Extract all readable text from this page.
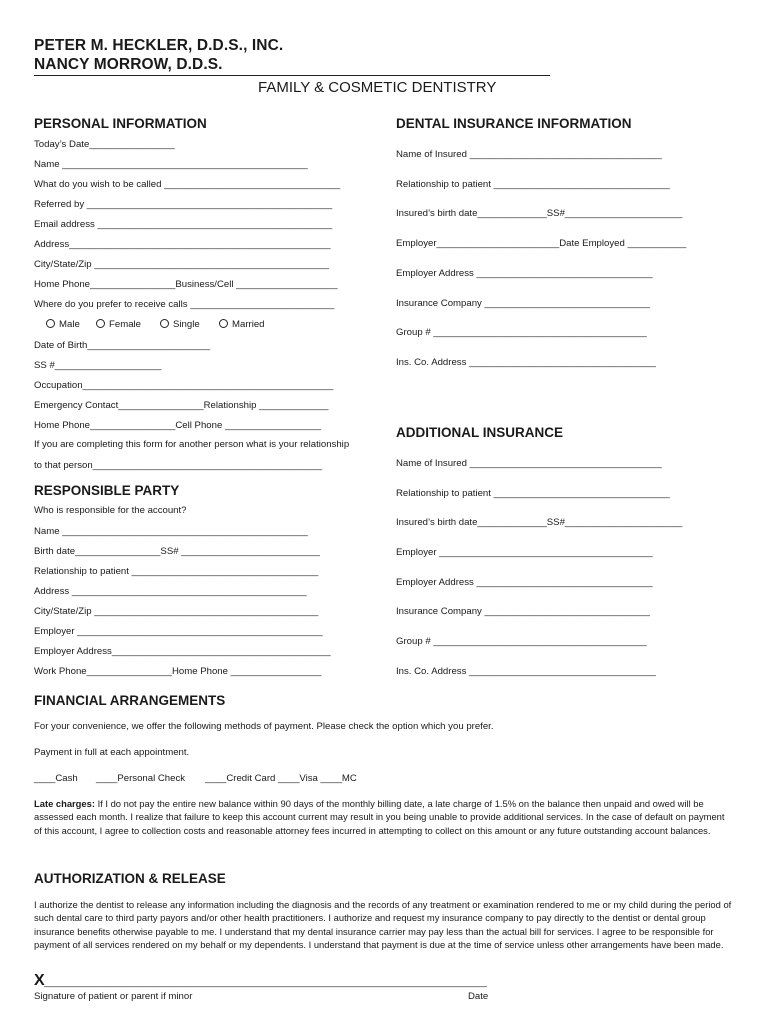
PETER M. HECKLER, D.D.S., INC.
NANCY MORROW, D.D.S.
FAMILY & COSMETIC DENTISTRY
PERSONAL INFORMATION
Today’s Date________________
Name ______________________________________________
What do you wish to be called _________________________________
Referred by ______________________________________________
Email address ____________________________________________
Address_________________________________________________
City/State/Zip ____________________________________________
Home Phone________________Business/Cell ___________________
Where do you prefer to receive calls ___________________________
Male	Female	Single	Married
Date of Birth_______________________
SS #____________________
Occupation_______________________________________________
Emergency Contact________________Relationship _____________
Home Phone________________Cell Phone __________________
If you are completing this form for another person what is your relationship
to that person___________________________________________
RESPONSIBLE PARTY
Who is responsible for the account?
Name ______________________________________________
Birth date________________SS# __________________________
Relationship to patient ___________________________________
Address ____________________________________________
City/State/Zip __________________________________________
Employer ______________________________________________
Employer Address_________________________________________
Work Phone________________Home Phone _________________
DENTAL INSURANCE INFORMATION
Name of Insured ____________________________________
Relationship to patient _________________________________
Insured’s birth date_____________SS#______________________
Employer_______________________Date Employed ___________
Employer Address _________________________________
Insurance Company _______________________________
Group # ________________________________________
Ins. Co. Address ___________________________________
ADDITIONAL INSURANCE
Name of Insured ____________________________________
Relationship to patient _________________________________
Insured’s birth date_____________SS#______________________
Employer ________________________________________
Employer Address _________________________________
Insurance Company _______________________________
Group # ________________________________________
Ins. Co. Address ___________________________________
FINANCIAL ARRANGEMENTS
For your convenience, we offer the following methods of payment. Please check the option which you prefer.
Payment in full at each appointment.
____Cash ____Personal Check ____Credit Card ____Visa ____MC
Late charges: If I do not pay the entire new balance within 90 days of the monthly billing date, a late charge of 1.5% on the balance then unpaid and owed will be assessed each month. I realize that failure to keep this account current may result in you being unable to provide additional services. In the case of default on payment of this account, I agree to collection costs and reasonable attorney fees incurred in attempting to collect on this amount or any future outstanding account balances.
AUTHORIZATION & RELEASE
I authorize the dentist to release any information including the diagnosis and the records of any treatment or examination rendered to me or my child during the period of such dental care to third party payors and/or other health practitioners. I authorize and request my insurance company to pay directly to the dentist or dental group insurance benefits otherwise payable to me. I understand that my dental insurance carrier may pay less than the actual bill for services. I agree to be responsible for payment of all services rendered on my behalf or my dependents. I understand that payment is due at the time of service unless other arrangements have been made.
X ___________________________________________________________________________________
Signature of patient or parent if minor	Date
